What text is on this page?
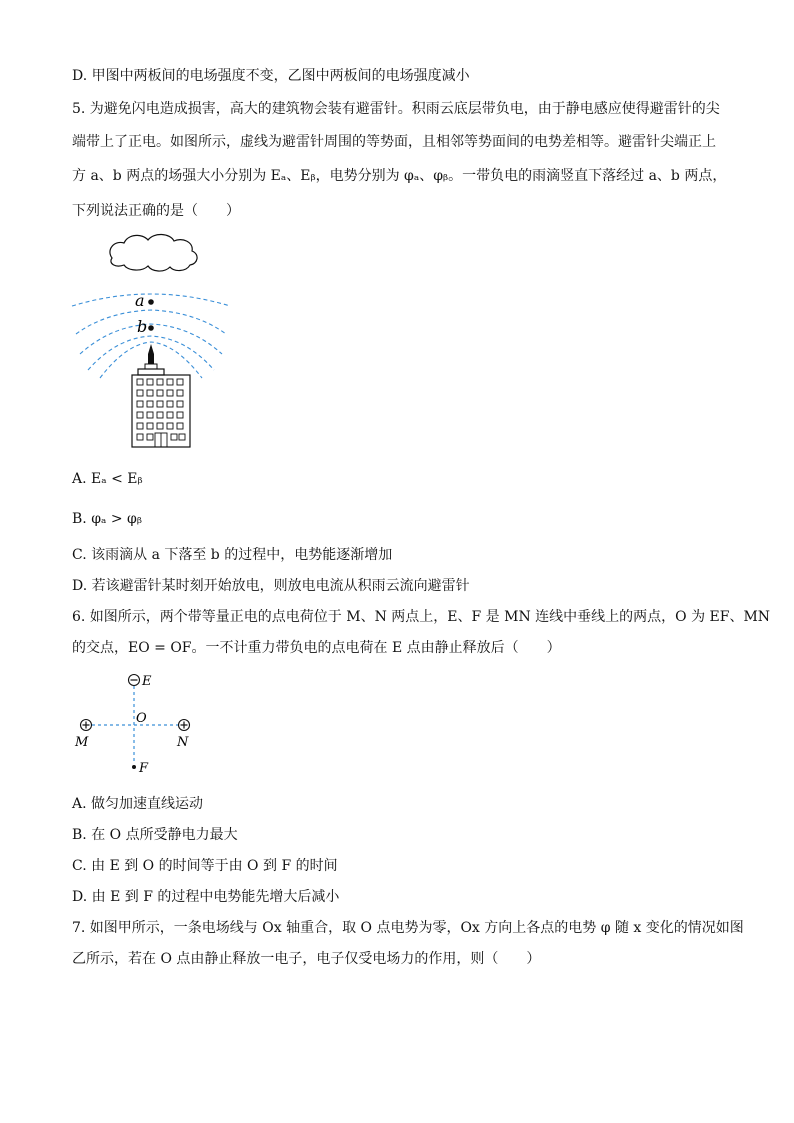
D. 甲图中两板间的电场强度不变，乙图中两板间的电场强度减小
5. 为避免闪电造成损害，高大的建筑物会装有避雷针。积雨云底层带负电，由于静电感应使得避雷针的尖
端带上了正电。如图所示，虚线为避雷针周围的等势面，且相邻等势面间的电势差相等。避雷针尖端正上
方 a、b 两点的场强大小分别为 Eₐ、Eᵦ，电势分别为 φₐ、φᵦ。一带负电的雨滴竖直下落经过 a、b 两点，
下列说法正确的是（　　）
a
b
A. Eₐ < Eᵦ
B. φₐ > φᵦ
C. 该雨滴从 a 下落至 b 的过程中，电势能逐渐增加
D. 若该避雷针某时刻开始放电，则放电电流从积雨云流向避雷针
6. 如图所示，两个带等量正电的点电荷位于 M、N 两点上，E、F 是 MN 连线中垂线上的两点，O 为 EF、MN
的交点，EO = OF。一不计重力带负电的点电荷在 E 点由静止释放后（　　）
E
O
M	N
F
A. 做匀加速直线运动
B. 在 O 点所受静电力最大
C. 由 E 到 O 的时间等于由 O 到 F 的时间
D. 由 E 到 F 的过程中电势能先增大后减小
7. 如图甲所示，一条电场线与 Ox 轴重合，取 O 点电势为零，Ox 方向上各点的电势 φ 随 x 变化的情况如图
乙所示，若在 O 点由静止释放一电子，电子仅受电场力的作用，则（　　）
